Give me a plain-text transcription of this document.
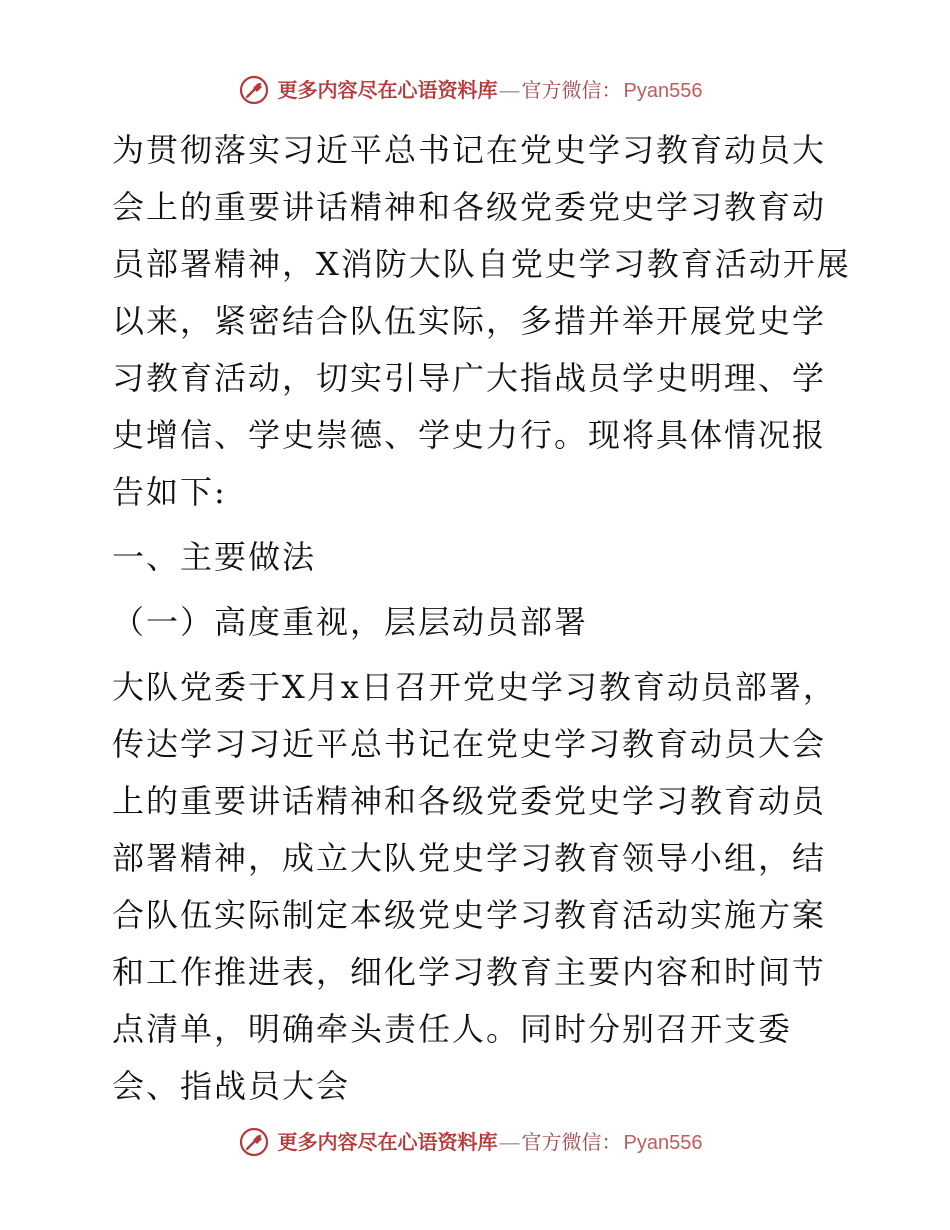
更多内容尽在心语资料库 — 官方微信： Pyan556

为贯彻落实习近平总书记在党史学习教育动员大会上的重要讲话精神和各级党委党史学习教育动员部署精神，X消防大队自党史学习教育活动开展以来，紧密结合队伍实际，多措并举开展党史学习教育活动，切实引导广大指战员学史明理、学史增信、学史崇德、学史力行。现将具体情况报告如下:

一、主要做法

（一）高度重视，层层动员部署

大队党委于X月x日召开党史学习教育动员部署，传达学习习近平总书记在党史学习教育动员大会上的重要讲话精神和各级党委党史学习教育动员部署精神，成立大队党史学习教育领导小组，结合队伍实际制定本级党史学习教育活动实施方案和工作推进表，细化学习教育主要内容和时间节点清单，明确牵头责任人。同时分别召开支委会、指战员大会

更多内容尽在心语资料库 — 官方微信： Pyan556
